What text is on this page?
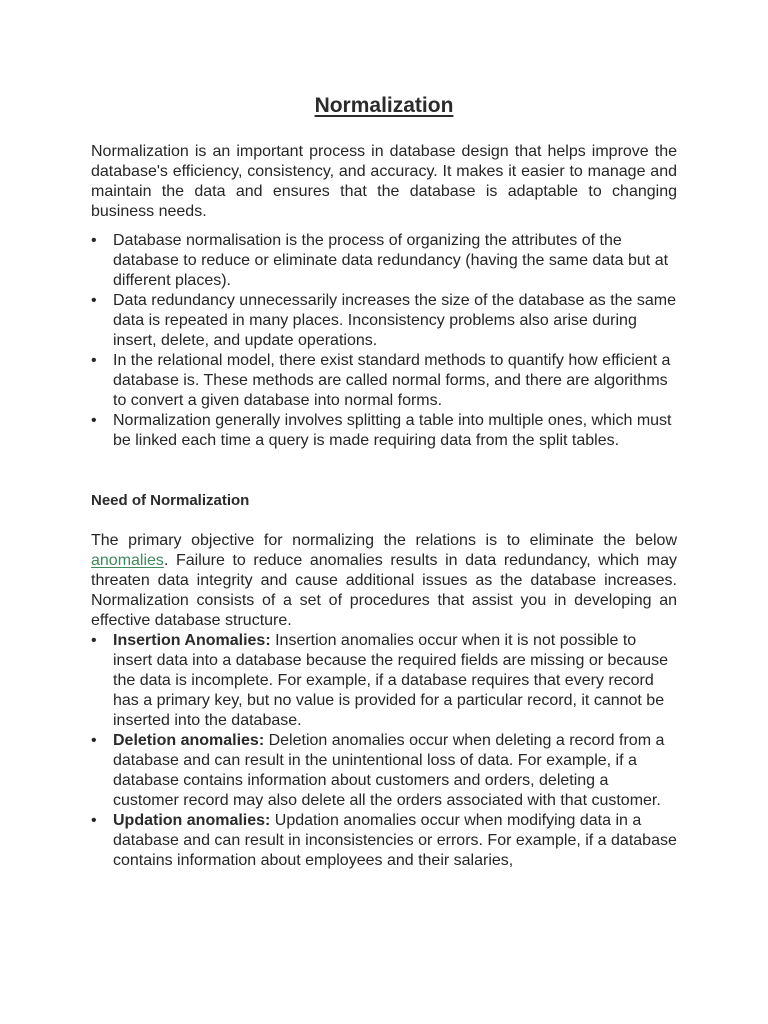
Normalization

Normalization is an important process in database design that helps improve the database's efficiency, consistency, and accuracy. It makes it easier to manage and maintain the data and ensures that the database is adaptable to changing business needs.

•	Database normalisation is the process of organizing the attributes of the database to reduce or eliminate data redundancy (having the same data but at different places).
•	Data redundancy unnecessarily increases the size of the database as the same data is repeated in many places. Inconsistency problems also arise during insert, delete, and update operations.
•	In the relational model, there exist standard methods to quantify how efficient a database is. These methods are called normal forms, and there are algorithms to convert a given database into normal forms.
•	Normalization generally involves splitting a table into multiple ones, which must be linked each time a query is made requiring data from the split tables.
Need of Normalization

The primary objective for normalizing the relations is to eliminate the below anomalies. Failure to reduce anomalies results in data redundancy, which may threaten data integrity and cause additional issues as the database increases. Normalization consists of a set of procedures that assist you in developing an effective database structure.

•	Insertion Anomalies: Insertion anomalies occur when it is not possible to insert data into a database because the required fields are missing or because the data is incomplete. For example, if a database requires that every record has a primary key, but no value is provided for a particular record, it cannot be inserted into the database.
•	Deletion anomalies: Deletion anomalies occur when deleting a record from a database and can result in the unintentional loss of data. For example, if a database contains information about customers and orders, deleting a customer record may also delete all the orders associated with that customer.
•	Updation anomalies: Updation anomalies occur when modifying data in a database and can result in inconsistencies or errors. For example, if a database contains information about employees and their salaries,
